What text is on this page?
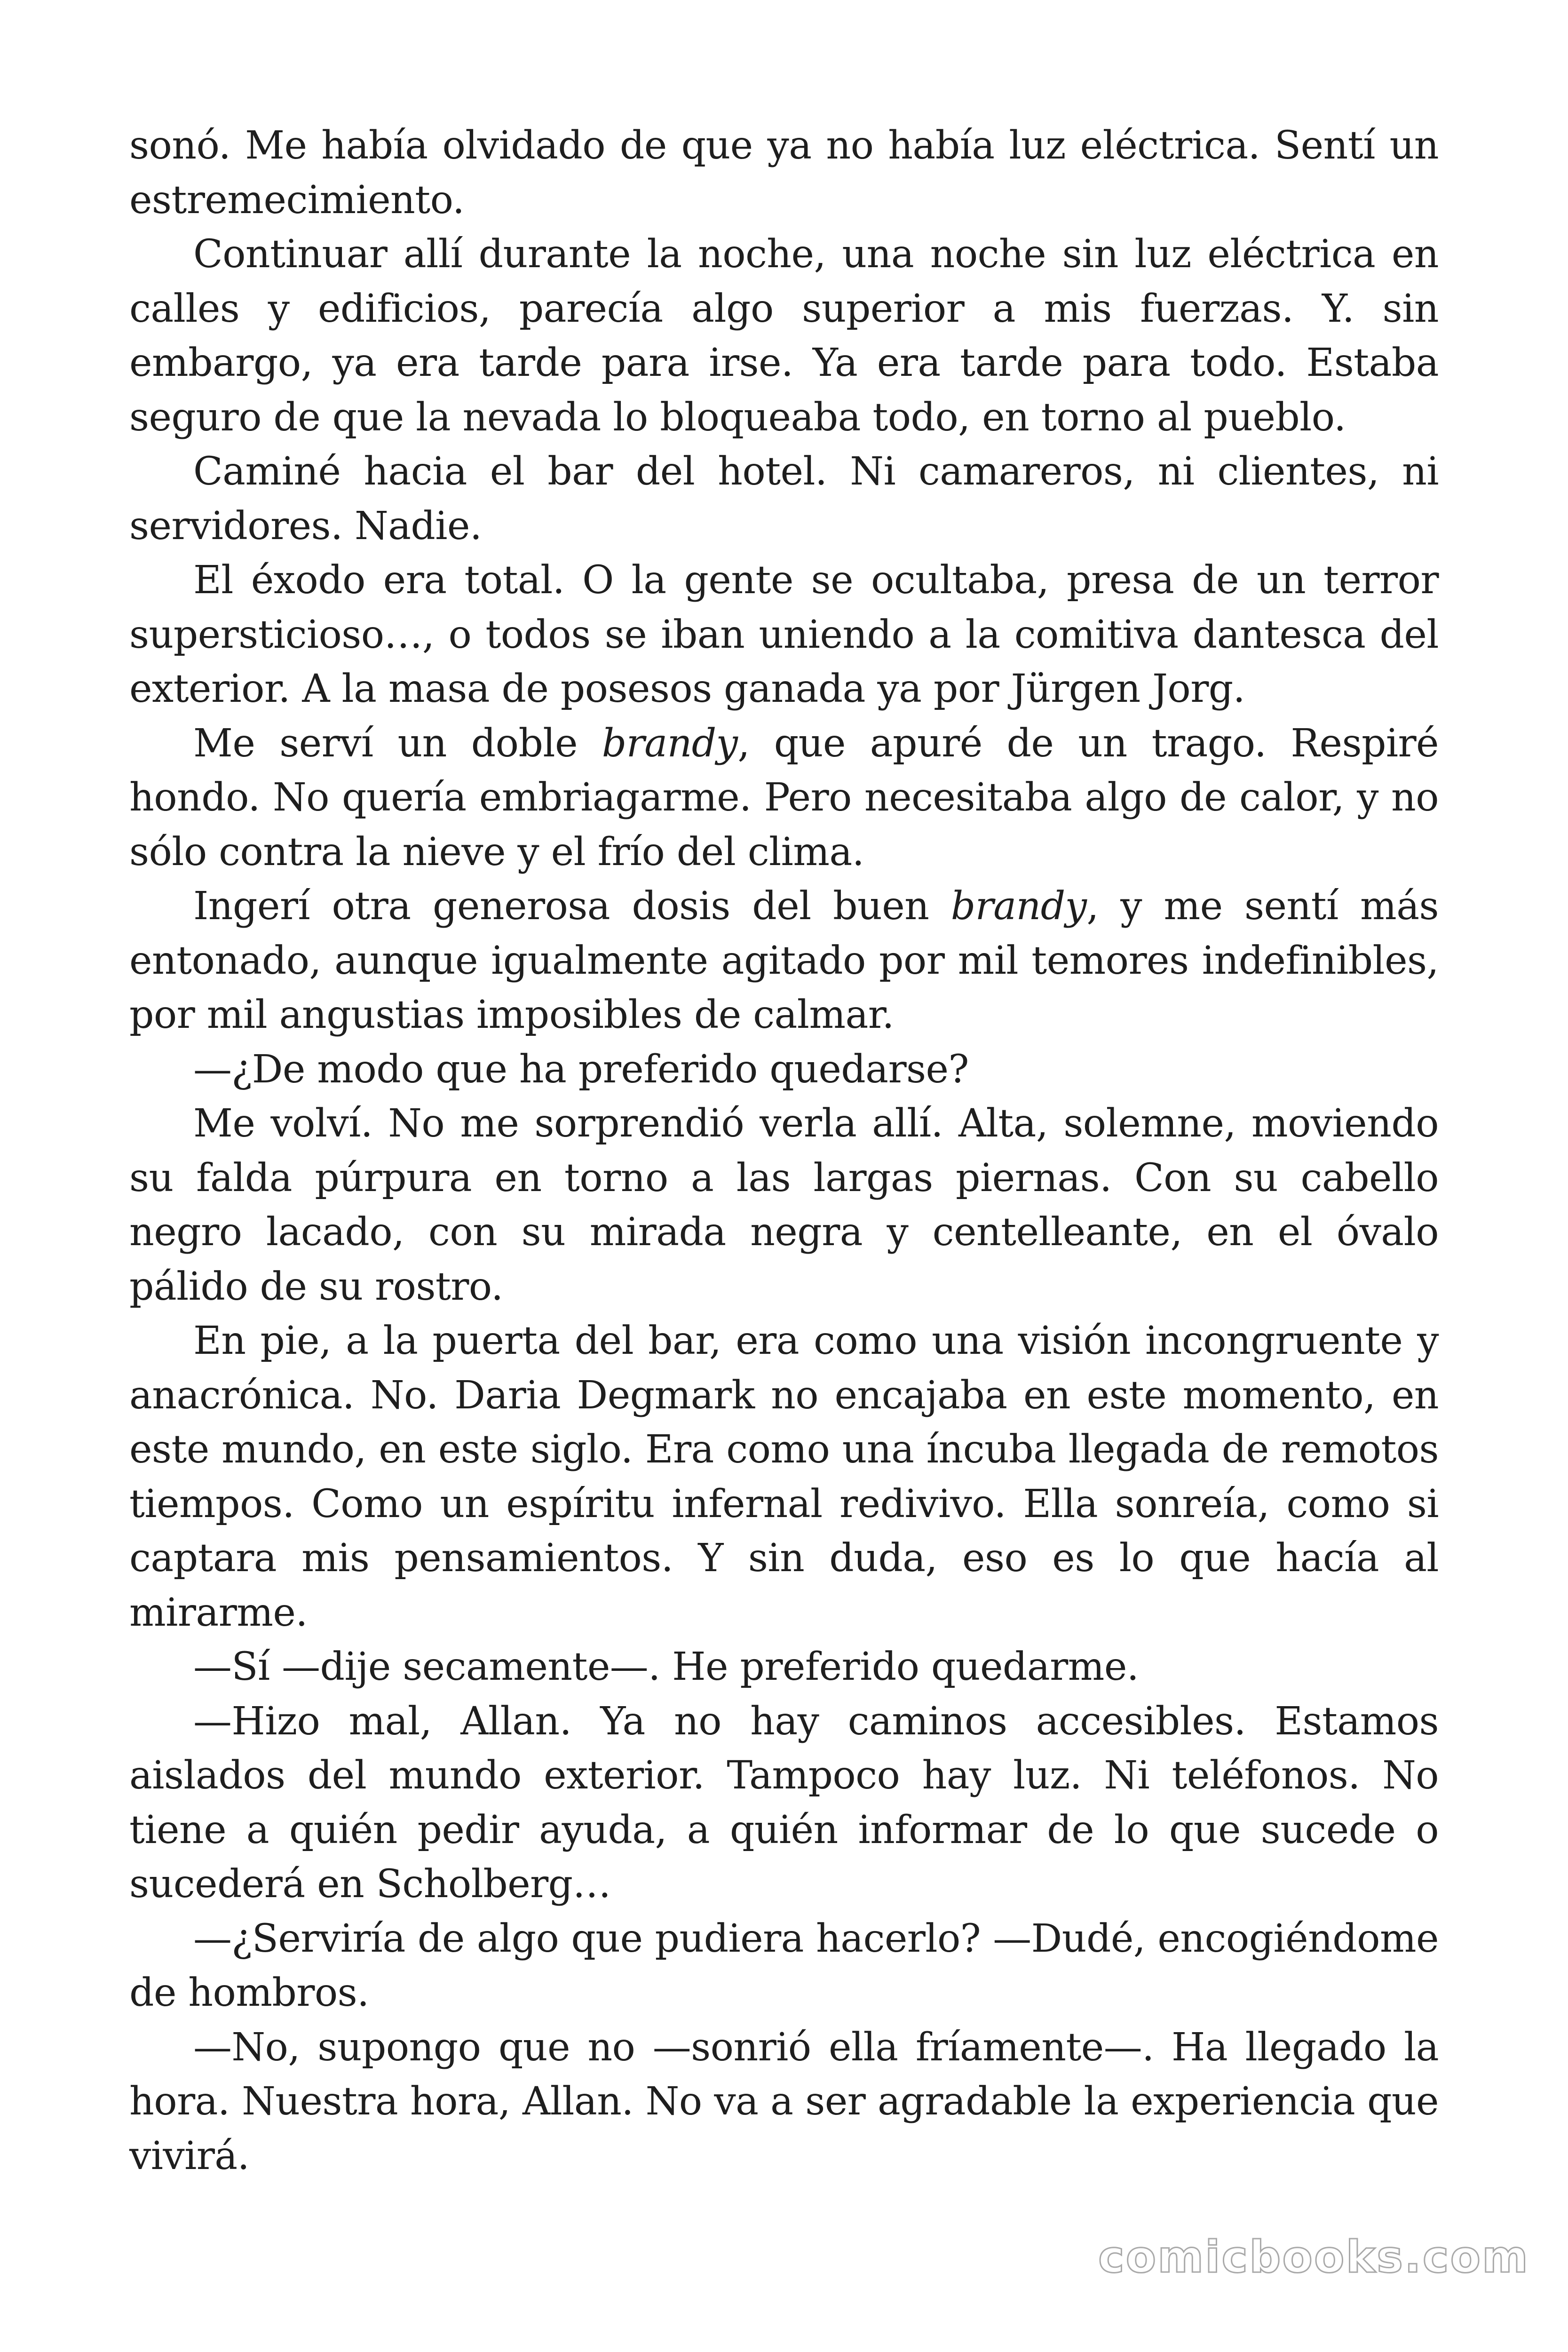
sonó. Me había olvidado de que ya no había luz eléctrica. Sentí un estremecimiento.

Continuar allí durante la noche, una noche sin luz eléctrica en calles y edificios, parecía algo superior a mis fuerzas. Y. sin embargo, ya era tarde para irse. Ya era tarde para todo. Estaba seguro de que la nevada lo bloqueaba todo, en torno al pueblo.

Caminé hacia el bar del hotel. Ni camareros, ni clientes, ni servidores. Nadie.

El éxodo era total. O la gente se ocultaba, presa de un terror supersticioso…, o todos se iban uniendo a la comitiva dantesca del exterior. A la masa de posesos ganada ya por Jürgen Jorg.

Me serví un doble brandy, que apuré de un trago. Respiré hondo. No quería embriagarme. Pero necesitaba algo de calor, y no sólo contra la nieve y el frío del clima.

Ingerí otra generosa dosis del buen brandy, y me sentí más entonado, aunque igualmente agitado por mil temores indefinibles, por mil angustias imposibles de calmar.

—¿De modo que ha preferido quedarse?

Me volví. No me sorprendió verla allí. Alta, solemne, moviendo su falda púrpura en torno a las largas piernas. Con su cabello negro lacado, con su mirada negra y centelleante, en el óvalo pálido de su rostro.

En pie, a la puerta del bar, era como una visión incongruente y anacrónica. No. Daria Degmark no encajaba en este momento, en este mundo, en este siglo. Era como una íncuba llegada de remotos tiempos. Como un espíritu infernal redivivo. Ella sonreía, como si captara mis pensamientos. Y sin duda, eso es lo que hacía al mirarme.

—Sí —dije secamente—. He preferido quedarme.

—Hizo mal, Allan. Ya no hay caminos accesibles. Estamos aislados del mundo exterior. Tampoco hay luz. Ni teléfonos. No tiene a quién pedir ayuda, a quién informar de lo que sucede o sucederá en Scholberg…

—¿Serviría de algo que pudiera hacerlo? —Dudé, encogiéndome de hombros.

—No, supongo que no —sonrió ella fríamente—. Ha llegado la hora. Nuestra hora, Allan. No va a ser agradable la experiencia que vivirá.

comicbooks.com
